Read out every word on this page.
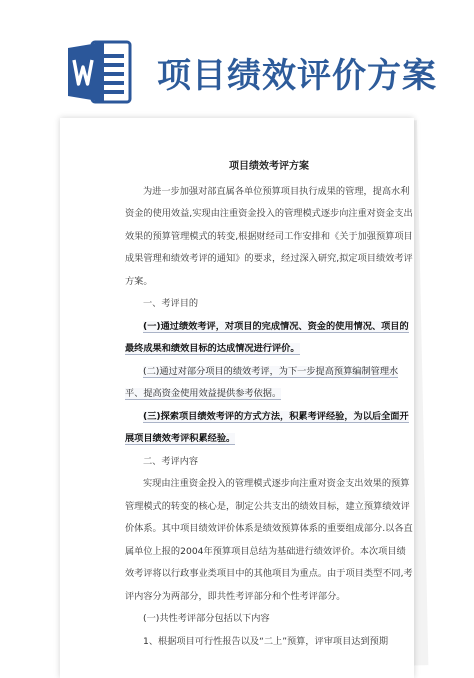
项目绩效评价方案

项目绩效考评方案

为进一步加强对部直属各单位预算项目执行成果的管理，提高水利资金的使用效益,实现由注重资金投入的管理模式逐步向注重对资金支出效果的预算管理模式的转变,根据财经司工作安排和《关于加强预算项目成果管理和绩效考评的通知》的要求，经过深入研究,拟定项目绩效考评方案。

一、考评目的

(一)通过绩效考评，对项目的完成情况、资金的使用情况、项目的最终成果和绩效目标的达成情况进行评价。

(二)通过对部分项目的绩效考评，为下一步提高预算编制管理水平、提高资金使用效益提供参考依据。

(三)探索项目绩效考评的方式方法，积累考评经验，为以后全面开展项目绩效考评积累经验。

二、考评内容

实现由注重资金投入的管理模式逐步向注重对资金支出效果的预算管理模式的转变的核心是，制定公共支出的绩效目标，建立预算绩效评价体系。其中项目绩效评价体系是绩效预算体系的重要组成部分.以各直属单位上报的2004年预算项目总结为基础进行绩效评价。本次项目绩效考评将以行政事业类项目中的其他项目为重点。由于项目类型不同,考评内容分为两部分，即共性考评部分和个性考评部分。

(一)共性考评部分包括以下内容

1、根据项目可行性报告以及“二上”预算，评审项目达到预期
